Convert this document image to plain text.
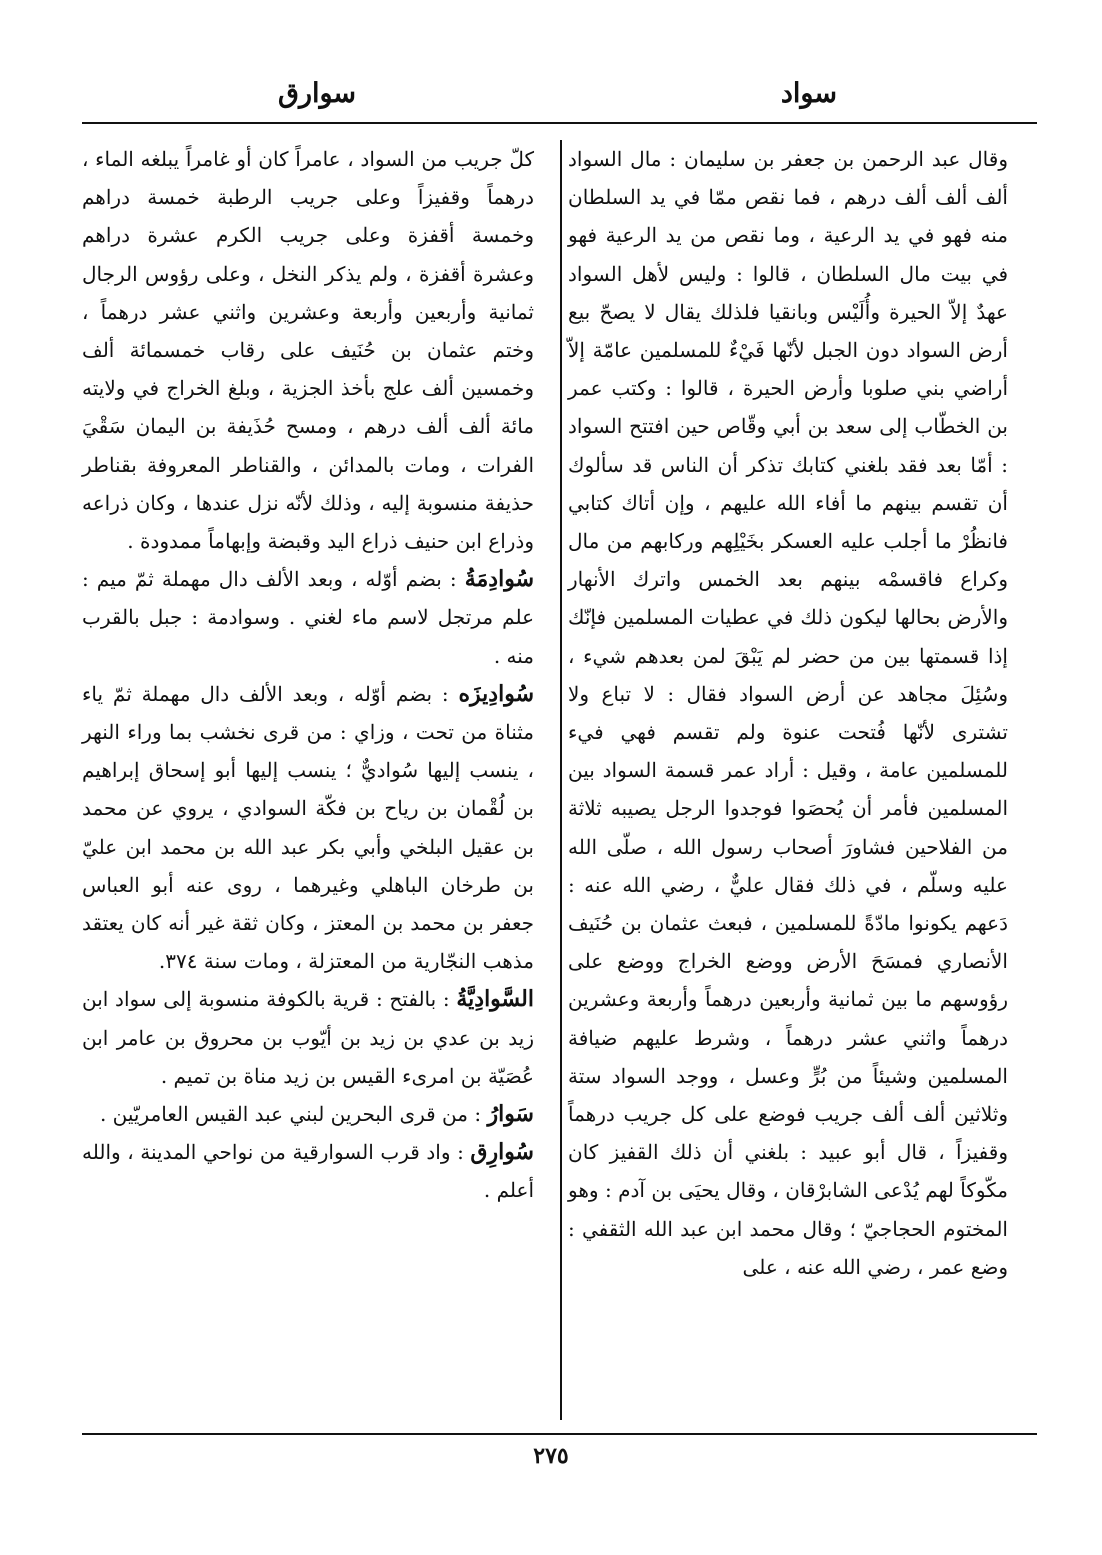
سواد
سوارق

وقال عبد الرحمن بن جعفر بن سليمان : مال السواد ألف ألف ألف درهم ، فما نقص ممّا في يد السلطان منه فهو في يد الرعية ، وما نقص من يد الرعية فهو في بيت مال السلطان ، قالوا : وليس لأهل السواد عهدٌ إلاّ الحيرة وأُلَيْس وبانقيا فلذلك يقال لا يصحّ بيع أرض السواد دون الجبل لأنّها فَيْءٌ للمسلمين عامّة إلاّ أراضي بني صلوبا وأرض الحيرة ، قالوا : وكتب عمر بن الخطّاب إلى سعد بن أبي وقّاص حين افتتح السواد : أمّا بعد فقد بلغني كتابك تذكر أن الناس قد سألوك أن تقسم بينهم ما أفاء الله عليهم ، وإن أتاك كتابي فانظُرْ ما أجلب عليه العسكر بخَيْلِهم وركابهم من مال وكراع فاقسمْه بينهم بعد الخمس واترك الأنهار والأرض بحالها ليكون ذلك في عطيات المسلمين فإنّك إذا قسمتها بين من حضر لم يَبْقَ لمن بعدهم شيء ، وسُئِلَ مجاهد عن أرض السواد فقال : لا تباع ولا تشترى لأنّها فُتحت عنوة ولم تقسم فهي فيء للمسلمين عامة ، وقيل : أراد عمر قسمة السواد بين المسلمين فأمر أن يُحصَوا فوجدوا الرجل يصيبه ثلاثة من الفلاحين فشاورَ أصحاب رسول الله ، صلّى الله عليه وسلّم ، في ذلك فقال عليٌّ ، رضي الله عنه : دَعهم يكونوا مادّةً للمسلمين ، فبعث عثمان بن حُنَيف الأنصاري فمسَحَ الأرض ووضع الخراج ووضع على رؤوسهم ما بين ثمانية وأربعين درهماً وأربعة وعشرين درهماً واثني عشر درهماً ، وشرط عليهم ضيافة المسلمين وشيئاً من بُرٍّ وعسل ، ووجد السواد ستة وثلاثين ألف ألف جريب فوضع على كل جريب درهماً وقفيزاً ، قال أبو عبيد : بلغني أن ذلك القفيز كان مكّوكاً لهم يُدْعى الشابرْقان ، وقال يحيَى بن آدم : وهو المختوم الحجاجيّ ؛ وقال محمد ابن عبد الله الثقفي : وضع عمر ، رضي الله عنه ، على

كلّ جريب من السواد ، عامراً كان أو غامراً يبلغه الماء ، درهماً وقفيزاً وعلى جريب الرطبة خمسة دراهم وخمسة أقفزة وعلى جريب الكرم عشرة دراهم وعشرة أقفزة ، ولم يذكر النخل ، وعلى رؤوس الرجال ثمانية وأربعين وأربعة وعشرين واثني عشر درهماً ، وختم عثمان بن حُنَيف على رقاب خمسمائة ألف وخمسين ألف علج بأخذ الجزية ، وبلغ الخراج في ولايته مائة ألف ألف درهم ، ومسح حُذَيفة بن اليمان سَقْيَ الفرات ، ومات بالمدائن ، والقناطر المعروفة بقناطر حذيفة منسوبة إليه ، وذلك لأنّه نزل عندها ، وكان ذراعه وذراع ابن حنيف ذراع اليد وقبضة وإبهاماً ممدودة .

سُوادِمَةُ : بضم أوّله ، وبعد الألف دال مهملة ثمّ ميم : علم مرتجل لاسم ماء لغني . وسوادمة : جبل بالقرب منه .

سُوادِيزَه : بضم أوّله ، وبعد الألف دال مهملة ثمّ ياء مثناة من تحت ، وزاي : من قرى نخشب بما وراء النهر ، ينسب إليها سُواديٌّ ؛ ينسب إليها أبو إسحاق إبراهيم بن لُقْمان بن رياح بن فكّة السوادي ، يروي عن محمد بن عقيل البلخي وأبي بكر عبد الله بن محمد ابن عليّ بن طرخان الباهلي وغيرهما ، روى عنه أبو العباس جعفر بن محمد بن المعتز ، وكان ثقة غير أنه كان يعتقد مذهب النجّارية من المعتزلة ، ومات سنة ٣٧٤.

السَّوادِيَّةُ : بالفتح : قرية بالكوفة منسوبة إلى سواد ابن زيد بن عدي بن زيد بن أيّوب بن محروق بن عامر ابن عُصَيّة بن امرىء القيس بن زيد مناة بن تميم .

سَوارُ : من قرى البحرين لبني عبد القيس العامريّين .

سُوارِق : واد قرب السوارقية من نواحي المدينة ، والله أعلم .

٢٧٥
